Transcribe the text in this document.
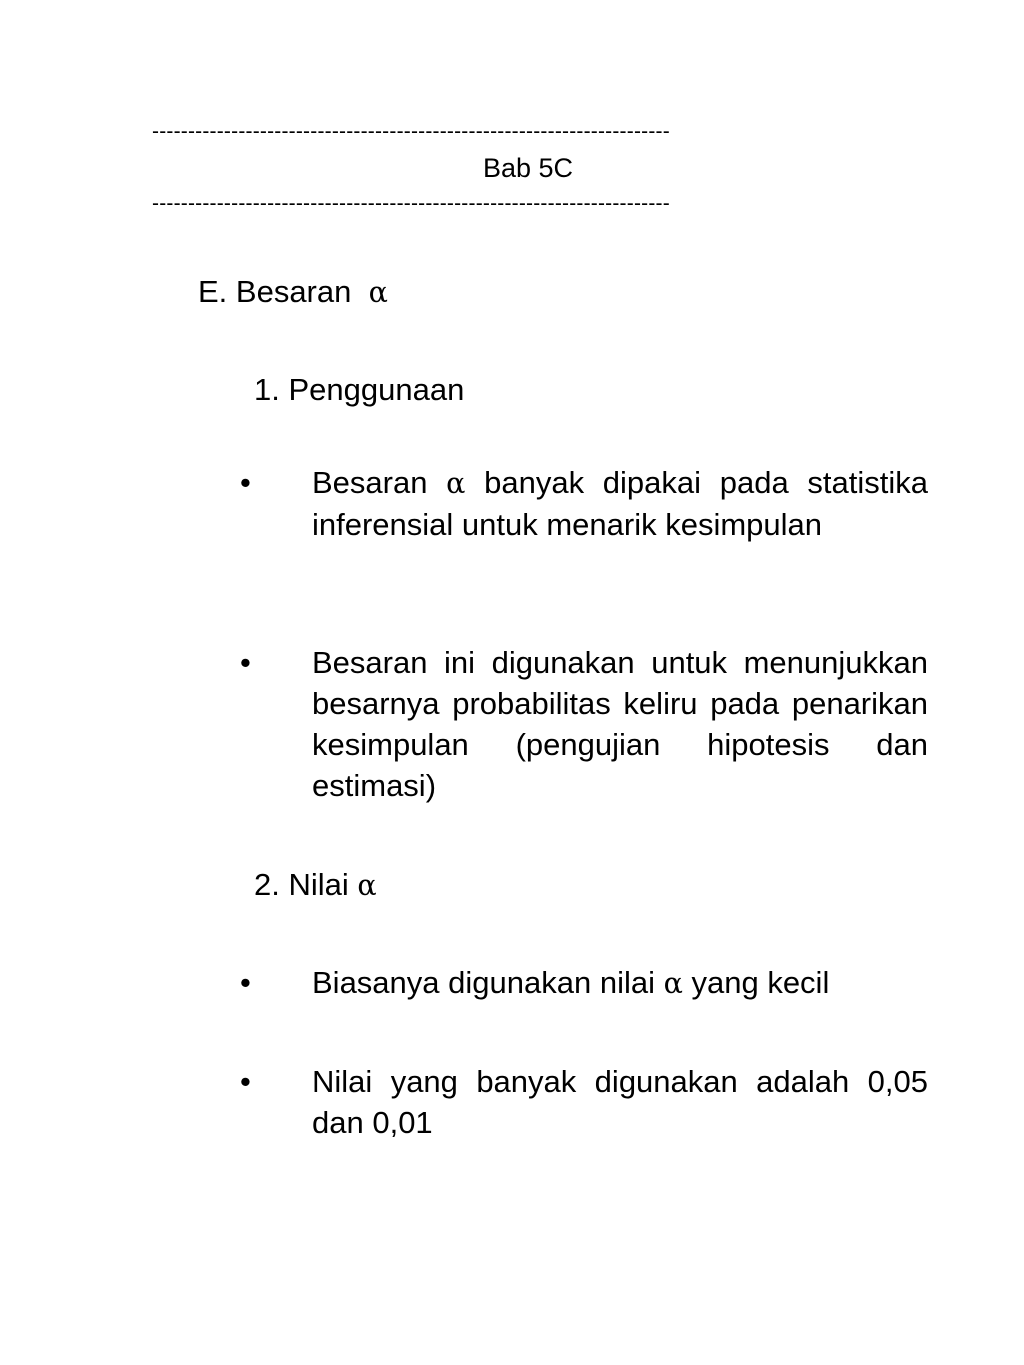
------------------------------------------------------------------------
Bab 5C
------------------------------------------------------------------------
E. Besaran α
1. Penggunaan
•	Besaran α banyak dipakai pada statistika inferensial untuk menarik kesimpulan
•	Besaran ini digunakan untuk menunjukkan besarnya probabilitas keliru pada penarikan kesimpulan (pengujian hipotesis dan estimasi)
2. Nilai α
•	Biasanya digunakan nilai α yang kecil
•	Nilai yang banyak digunakan adalah 0,05 dan 0,01
